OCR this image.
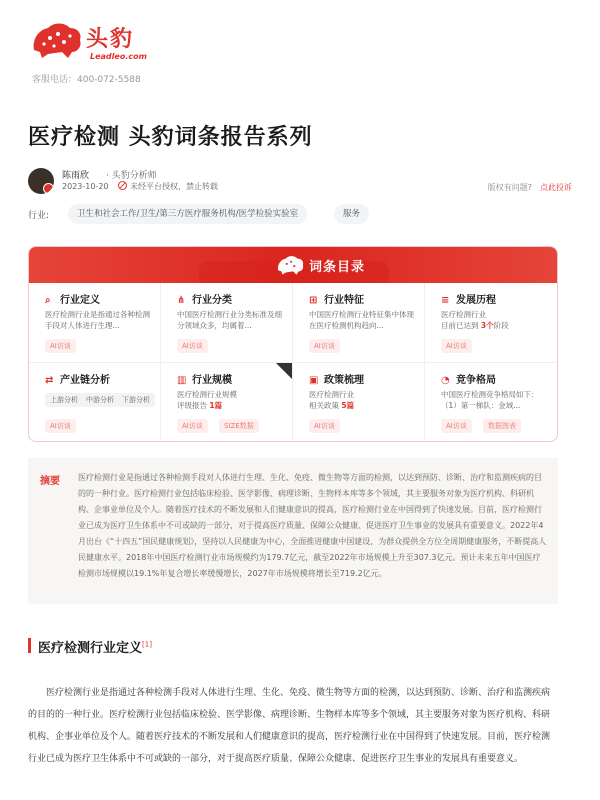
头豹
Leadleo.com
客服电话：400-072-5588
医疗检测 头豹词条报告系列
陈雨欣 · 头豹分析师
2023-10-20	未经平台授权，禁止转载	版权有问题? 点此投诉
行业:	卫生和社会工作/卫生/第三方医疗服务机构/医学检验实验室	服务
词条目录
⌕ 行业定义
医疗检测行业是指通过各种检测手段对人体进行生理...
AI访谈
⋔ 行业分类
中国医疗检测行业分类标准及细分领域众多，均属着...
AI访谈
⊞ 行业特征
中国医疗检测行业特征集中体现在医疗检测机构趋向...
AI访谈
≡ 发展历程
医疗检测行业
目前已达到 3个阶段
AI访谈
⇄ 产业链分析
上游分析	中游分析	下游分析
AI访谈
▥ 行业规模
医疗检测行业规模
评级报告 1篇
AI访谈	SIZE数据
▣ 政策梳理
医疗检测行业
相关政策 5篇
AI访谈
◔ 竞争格局
中国医疗检测竞争格局如下：（1）第一梯队：金域...
AI访谈	数据图表
摘要 医疗检测行业是指通过各种检测手段对人体进行生理、生化、免疫、微生物等方面的检测，以达到预防、诊断、治疗和监测疾病的目的的一种行业。医疗检测行业包括临床检验、医学影像、病理诊断、生物样本库等多个领域，其主要服务对象为医疗机构、科研机构、企事业单位及个人。随着医疗技术的不断发展和人们健康意识的提高，医疗检测行业在中国得到了快速发展。目前，医疗检测行业已成为医疗卫生体系中不可或缺的一部分，对于提高医疗质量、保障公众健康、促进医疗卫生事业的发展具有重要意义。2022年4月出台《“十四五”国民健康规划》，坚持以人民健康为中心，全面推进健康中国建设，为群众提供全方位全周期健康服务，不断提高人民健康水平。2018年中国医疗检测行业市场规模约为179.7亿元，截至2022年市场规模上升至307.3亿元。预计未来五年中国医疗检测市场规模以19.1%年复合增长率缓慢增长，2027年市场规模将增长至719.2亿元。
医疗检测行业定义[1]
医疗检测行业是指通过各种检测手段对人体进行生理、生化、免疫、微生物等方面的检测，以达到预防、诊断、治疗和监测疾病的目的的一种行业。医疗检测行业包括临床检验、医学影像、病理诊断、生物样本库等多个领域，其主要服务对象为医疗机构、科研机构、企事业单位及个人。随着医疗技术的不断发展和人们健康意识的提高，医疗检测行业在中国得到了快速发展。目前，医疗检测行业已成为医疗卫生体系中不可或缺的一部分，对于提高医疗质量、保障公众健康、促进医疗卫生事业的发展具有重要意义。
